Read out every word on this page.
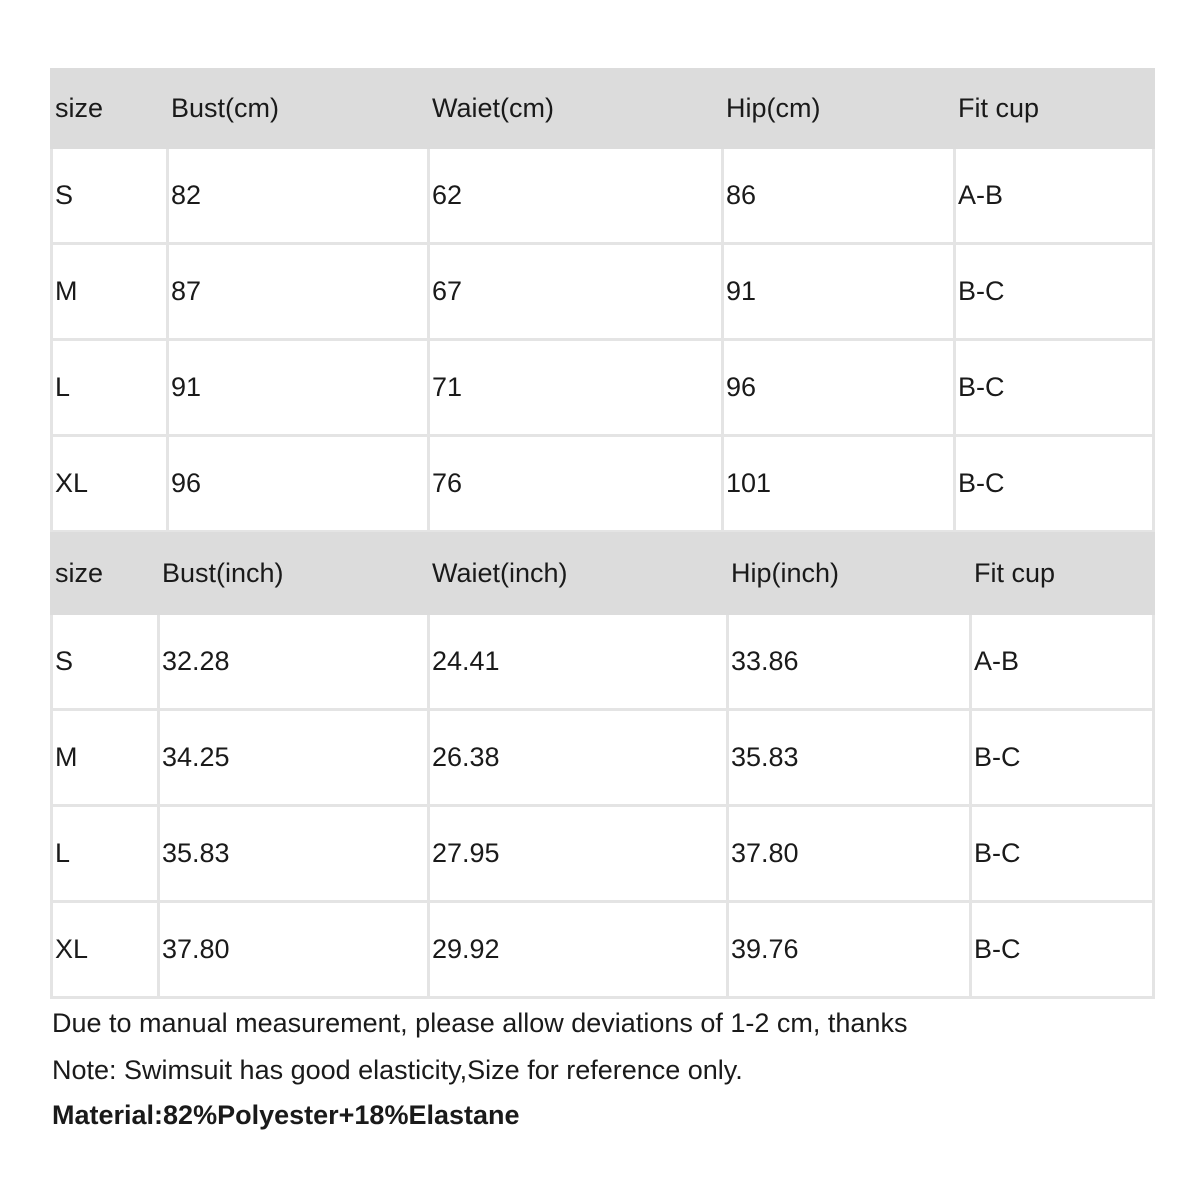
size	Bust(cm)	Waiet(cm)	Hip(cm)	Fit cup
S	82	62	86	A-B
M	87	67	91	B-C
L	91	71	96	B-C
XL	96	76	101	B-C
size	Bust(inch)	Waiet(inch)	Hip(inch)	Fit cup
S	32.28	24.41	33.86	A-B
M	34.25	26.38	35.83	B-C
L	35.83	27.95	37.80	B-C
XL	37.80	29.92	39.76	B-C
Due to manual measurement, please allow deviations of 1-2 cm, thanks
Note: Swimsuit has good elasticity,Size for reference only.
Material:82%Polyester+18%Elastane
